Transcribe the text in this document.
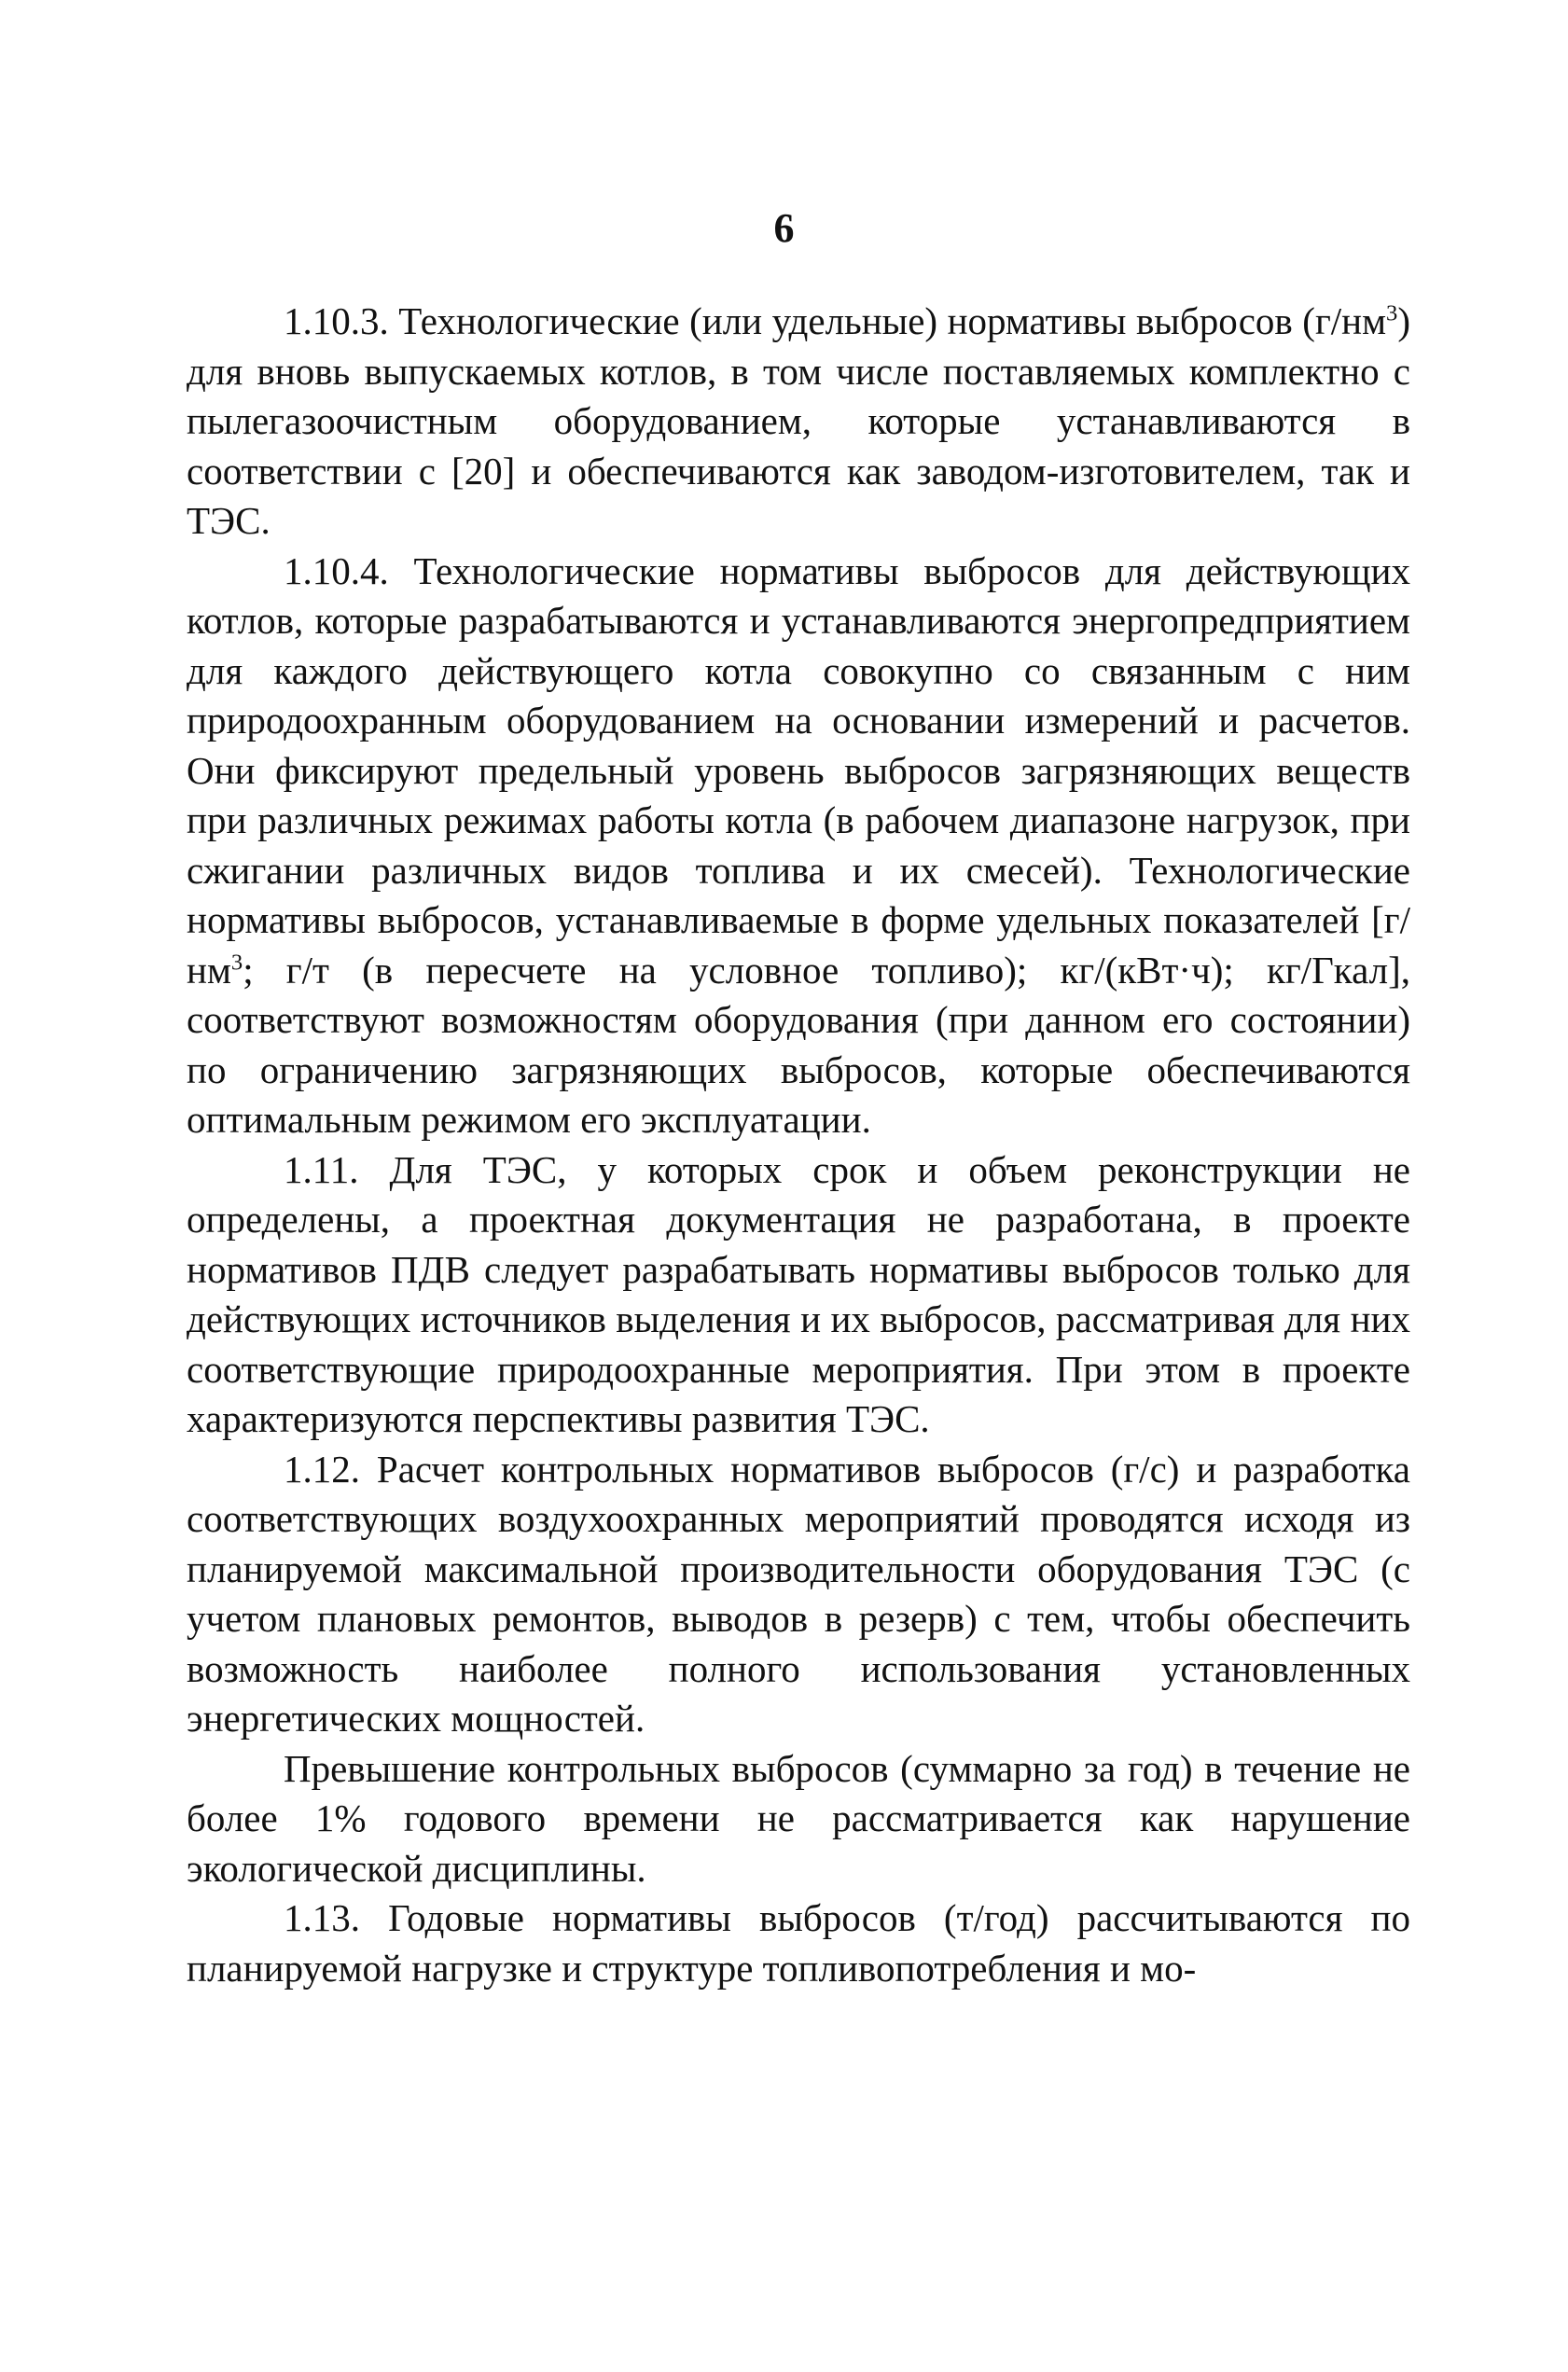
6

1.10.3. Технологические (или удельные) нормативы выбросов $(г/нм^3)$ для вновь выпускаемых котлов, в том числе поставляемых комплектно с пылегазоочистным оборудованием, которые устанавливаются в соответствии с [20] и обеспечиваются как заводом-изготовителем, так и ТЭС.

1.10.4. Технологические нормативы выбросов для действующих котлов, которые разрабатываются и устанавливаются энергопредприятием для каждого действующего котла совокупно со связанным с ним природоохранным оборудованием на основании измерений и расчетов. Они фиксируют предельный уровень выбросов загрязняющих веществ при различных режимах работы котла (в рабочем диапазоне нагрузок, при сжигании различных видов топлива и их смесей). Технологические нормативы выбросов, устанавливаемые в форме удельных показателей [$г/нм^3$; г/т (в пересчете на условное топливо); кг/(кВт·ч); кг/Гкал], соответствуют возможностям оборудования (при данном его состоянии) по ограничению загрязняющих выбросов, которые обеспечиваются оптимальным режимом его эксплуатации.

1.11. Для ТЭС, у которых срок и объем реконструкции не определены, а проектная документация не разработана, в проекте нормативов ПДВ следует разрабатывать нормативы выбросов только для действующих источников выделения и их выбросов, рассматривая для них соответствующие природоохранные мероприятия. При этом в проекте характеризуются перспективы развития ТЭС.

1.12. Расчет контрольных нормативов выбросов (г/с) и разработка соответствующих воздухоохранных мероприятий проводятся исходя из планируемой максимальной производительности оборудования ТЭС (с учетом плановых ремонтов, выводов в резерв) с тем, чтобы обеспечить возможность наиболее полного использования установленных энергетических мощностей.

Превышение контрольных выбросов (суммарно за год) в течение не более 1% годового времени не рассматривается как нарушение экологической дисциплины.

1.13. Годовые нормативы выбросов (т/год) рассчитываются по планируемой нагрузке и структуре топливопотребления и мо-
